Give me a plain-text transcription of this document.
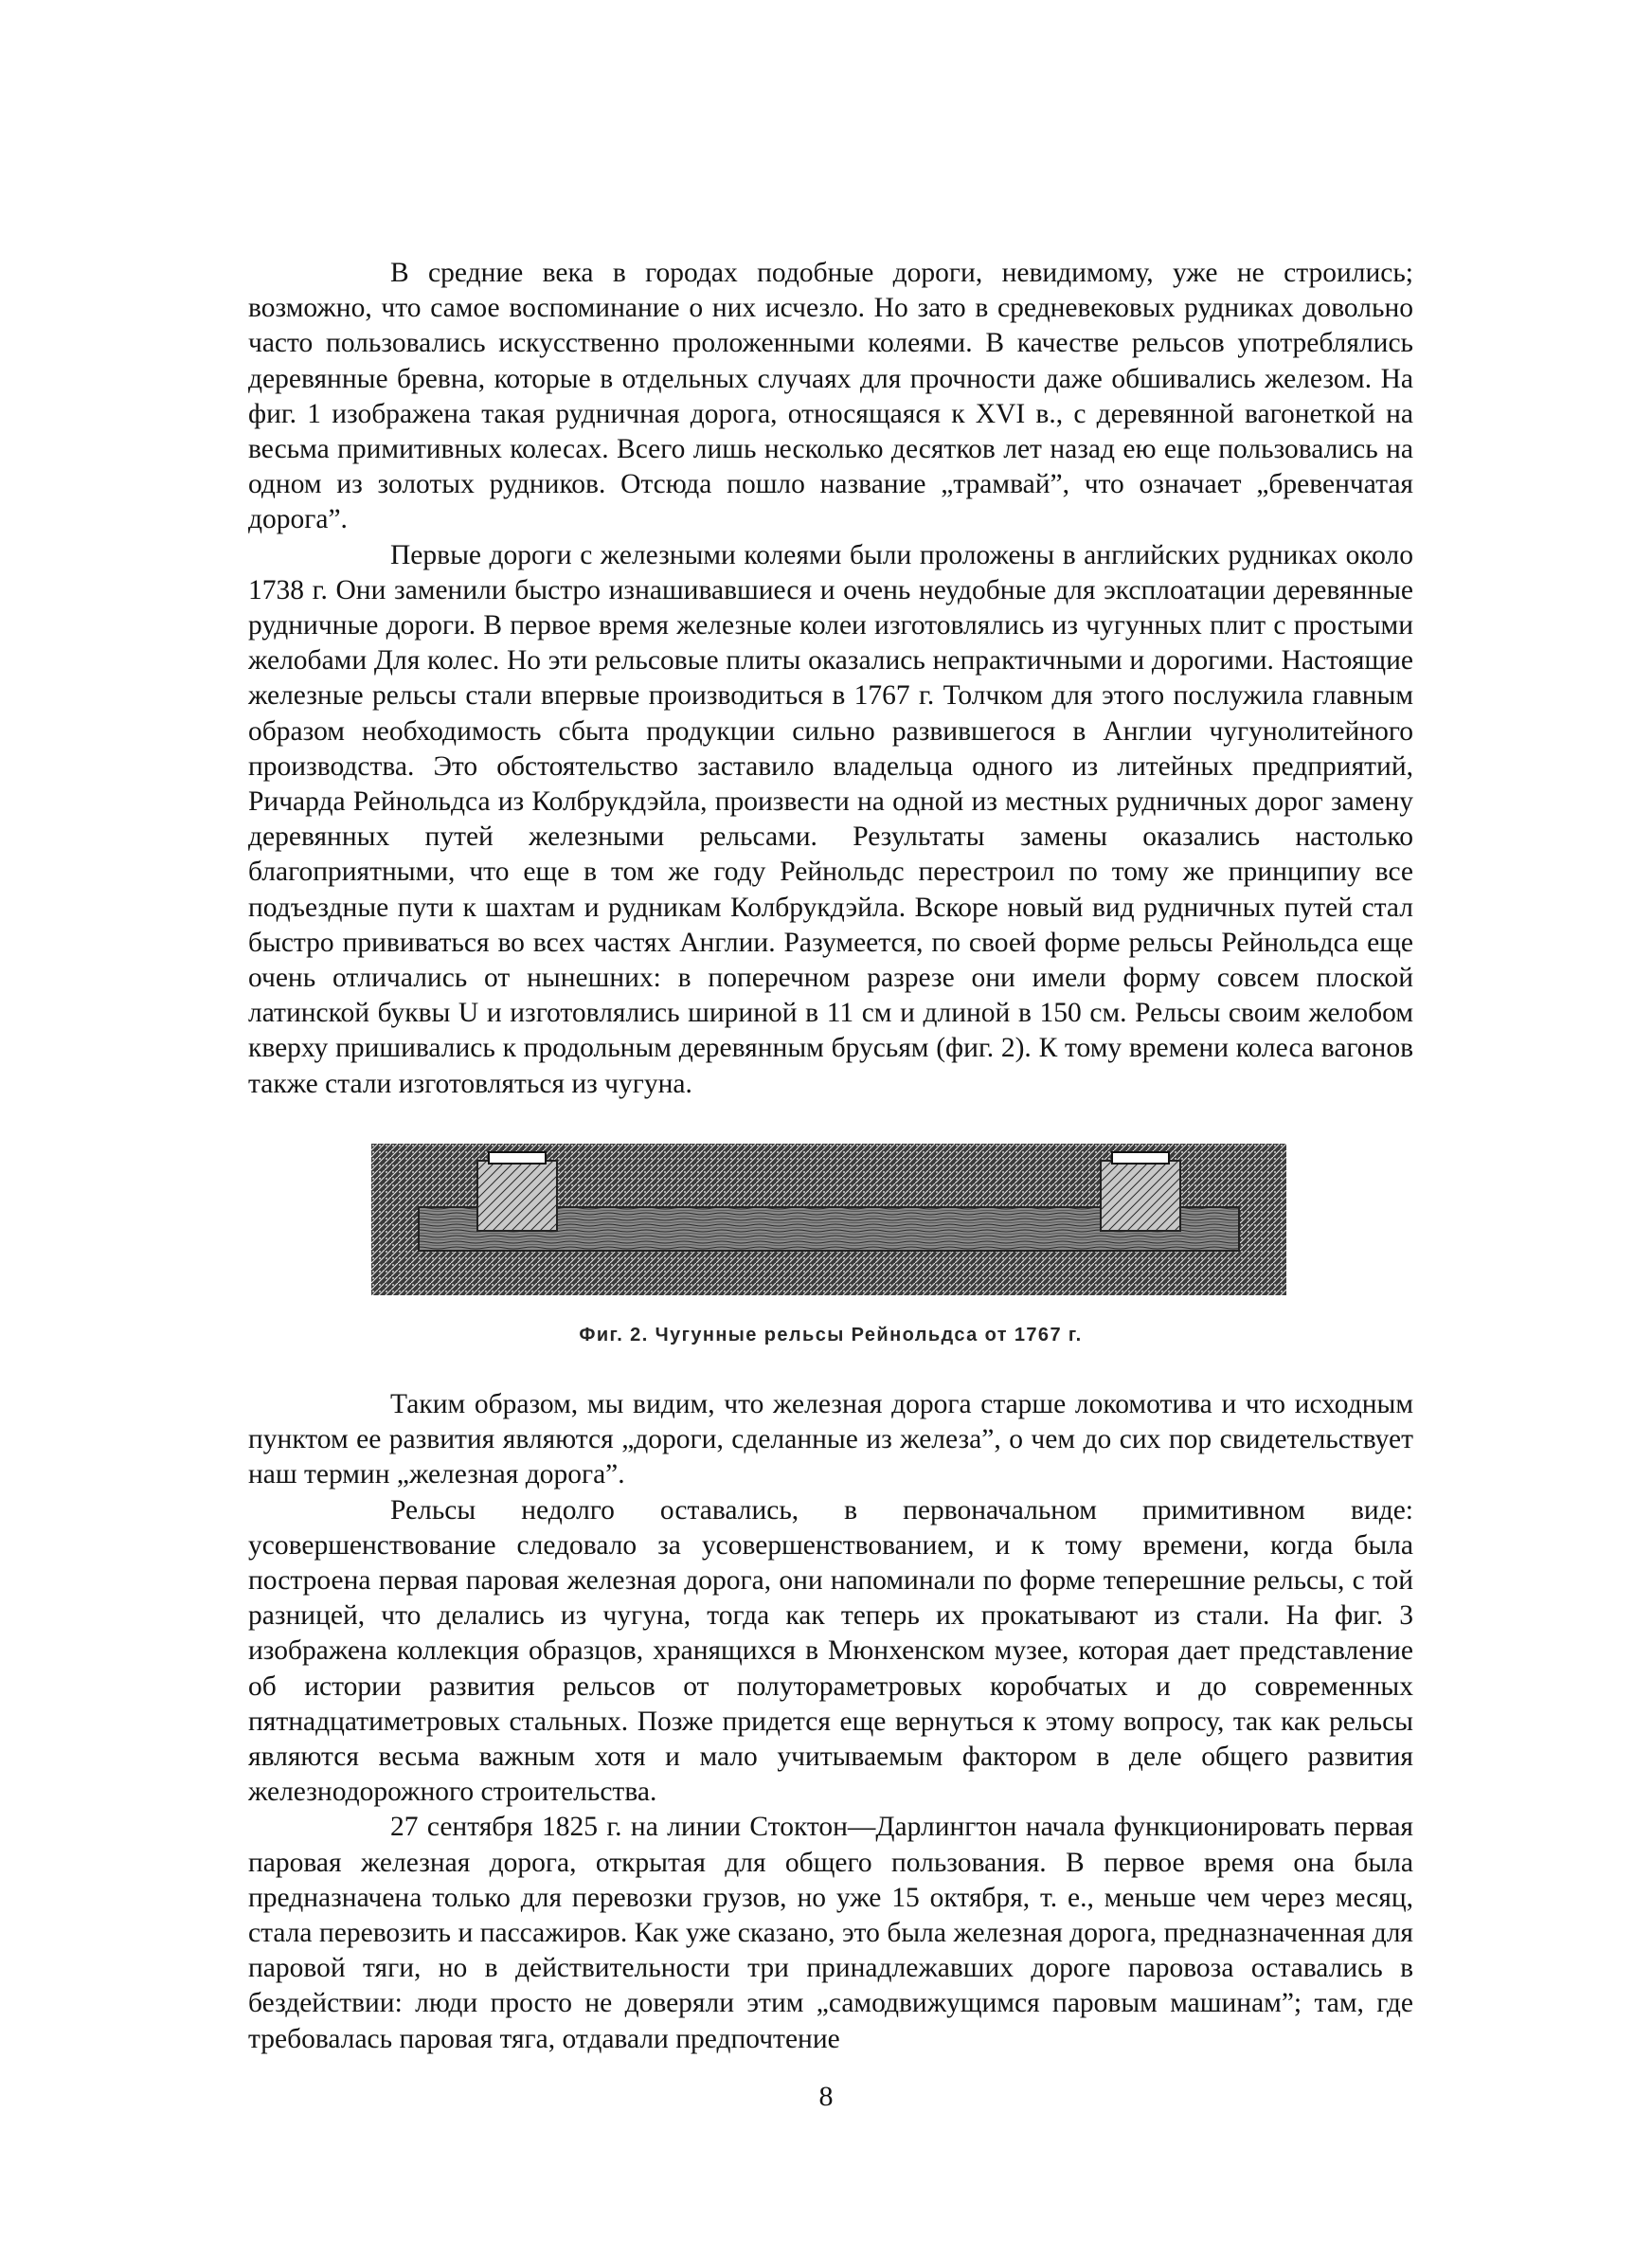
В средние века в городах подобные дороги, невидимому, уже не строились; возможно, что самое воспоминание о них исчезло. Но зато в средневековых рудниках довольно часто пользовались искусственно проложенными колеями. В качестве рельсов употреблялись деревянные бревна, которые в отдельных случаях для прочности даже обшивались железом. На фиг. 1 изображена такая рудничная дорога, относящаяся к XVI в., с деревянной вагонеткой на весьма примитивных колесах. Всего лишь несколько десятков лет назад ею еще пользовались на одном из золотых рудников. Отсюда пошло название „трамвай”, что означает „бревенчатая дорога”.

Первые дороги с железными колеями были проложены в английских рудниках около 1738 г. Они заменили быстро изнашивавшиеся и очень неудобные для эксплоатации деревянные рудничные дороги. В первое время железные колеи изготовлялись из чугунных плит с простыми желобами Для колес. Но эти рельсовые плиты оказались непрактичными и дорогими. Настоящие железные рельсы стали впервые производиться в 1767 г. Толчком для этого послужила главным образом необходимость сбыта продукции сильно развившегося в Англии чугунолитейного производства. Это обстоятельство заставило владельца одного из литейных предприятий, Ричарда Рейнольдса из Колбрукдэйла, произвести на одной из местных рудничных дорог замену деревянных путей железными рельсами. Результаты замены оказались настолько благоприятными, что еще в том же году Рейнольдс перестроил по тому же принципиу все подъездные пути к шахтам и рудникам Колбрукдэйла. Вскоре новый вид рудничных путей стал быстро прививаться во всех частях Англии. Разумеется, по своей форме рельсы Рейнольдса еще очень отличались от нынешних: в поперечном разрезе они имели форму совсем плоской латинской буквы U и изготовлялись шириной в 11 см и длиной в 150 см. Рельсы своим желобом кверху пришивались к продольным деревянным брусьям (фиг. 2). К тому времени колеса вагонов также стали изготовляться из чугуна.

Фиг. 2. Чугунные рельсы Рейнольдса от 1767 г.

Таким образом, мы видим, что железная дорога старше локомотива и что исходным пунктом ее развития являются „дороги, сделанные из железа”, о чем до сих пор свидетельствует наш термин „железная дорога”.

Рельсы недолго оставались, в первоначальном примитивном виде: усовершенствование следовало за усовершенствованием, и к тому времени, когда была построена первая паровая железная дорога, они напоминали по форме теперешние рельсы, с той разницей, что делались из чугуна, тогда как теперь их прокатывают из стали. На фиг. 3 изображена коллекция образцов, хранящихся в Мюнхенском музее, которая дает представление об истории развития рельсов от полутораметровых коробчатых и до современных пятнадцатиметровых стальных. Позже придется еще вернуться к этому вопросу, так как рельсы являются весьма важным хотя и мало учитываемым фактором в деле общего развития железнодорожного строительства.

27 сентября 1825 г. на линии Стоктон—Дарлингтон начала функционировать первая паровая железная дорога, открытая для общего пользования. В первое время она была предназначена только для перевозки грузов, но уже 15 октября, т. е., меньше чем через месяц, стала перевозить и пассажиров. Как уже сказано, это была железная дорога, предназначенная для паровой тяги, но в действительности три принадлежавших дороге паровоза оставались в бездействии: люди просто не доверяли этим „самодвижущимся паровым машинам”; там, где требовалась паровая тяга, отдавали предпочтение

8
